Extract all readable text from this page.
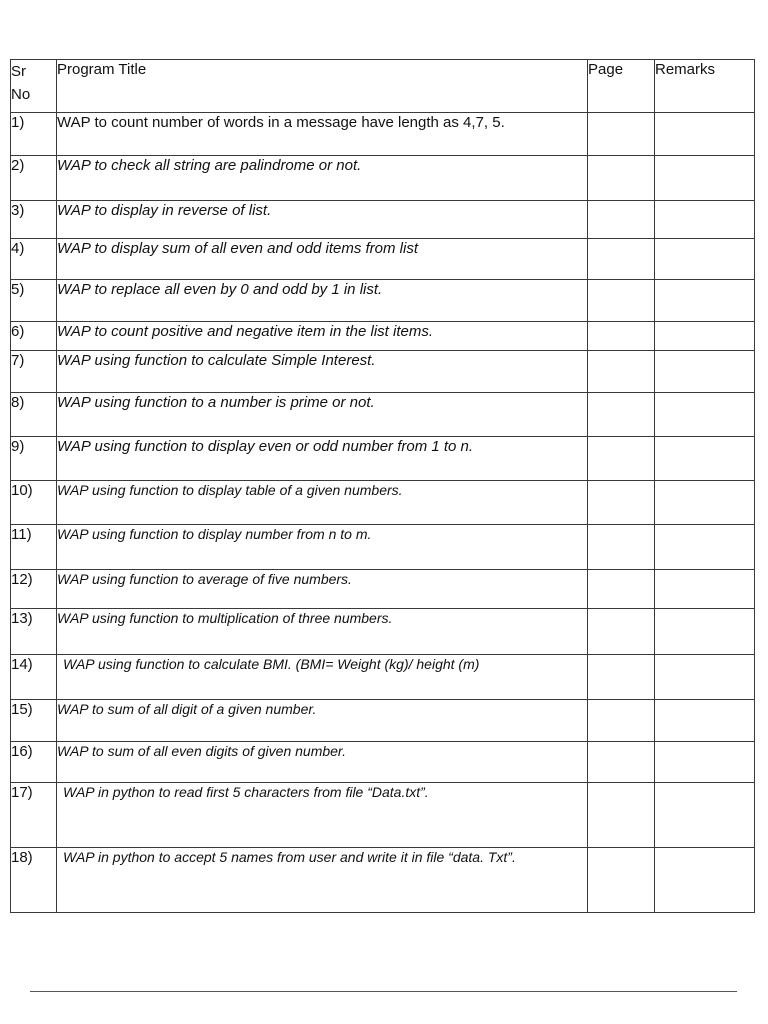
Sr
No	Program Title	Page	Remarks
1)	WAP to count number of words in a message have length as 4,7, 5.		
2)	WAP to check all string are palindrome or not.		
3)	WAP to display in reverse of list.		
4)	WAP to display sum of all even and odd items from list		
5)	WAP to replace all even by 0 and odd by 1 in list.		
6)	WAP to count positive and negative item in the list items.		
7)	WAP using function to calculate Simple Interest.		
8)	WAP using function to a number is prime or not.		
9)	WAP using function to display even or odd number from 1 to n.		
10)	WAP using function to display table of a given numbers.		
11)	WAP using function to display number from n to m.		
12)	WAP using function to average of five numbers.		
13)	WAP using function to multiplication of three numbers.		
14)	WAP using function to calculate BMI. (BMI= Weight (kg)/ height (m)		
15)	WAP to sum of all digit of a given number.		
16)	WAP to sum of all even digits of given number.		
17)	WAP in python to read first 5 characters from file “Data.txt”.		
18)	WAP in python to accept 5 names from user and write it in file “data. Txt”.		
